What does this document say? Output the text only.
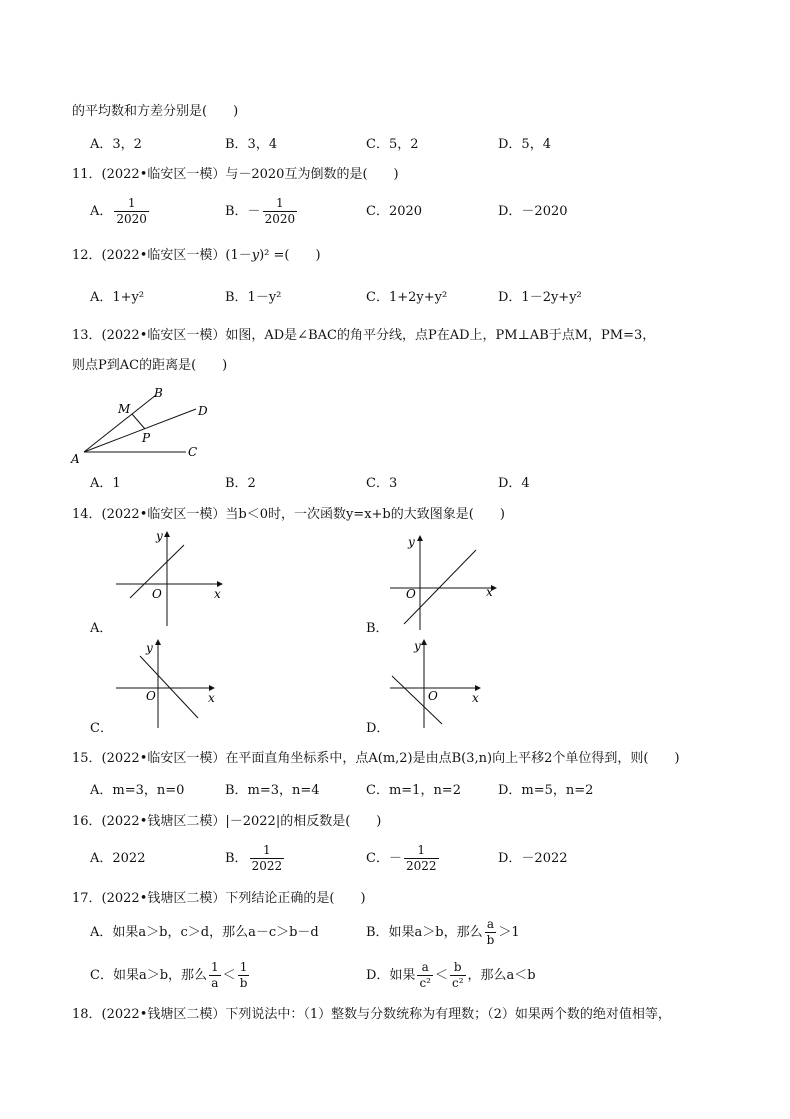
的平均数和方差分别是(　　)
A．3，2	B．3，4	C．5，2	D．5，4
11．(2022•临安区一模）与－2020互为倒数的是(　　)
A． $\frac{1}{2020}$	B．－ $\frac{1}{2020}$	C．2020	D．－2020
12．(2022•临安区一模）(1－y)² =(　　)
A．1+y²	B．1－y²	C．1+2y+y²	D．1－2y+y²
13．(2022•临安区一模）如图，AD是∠BAC的角平分线，点P在AD上，PM⊥AB于点M，PM=3，
则点P到AC的距离是(　　)
A
B
C
D
M
P
A．1	B．2	C．3	D．4
14．(2022•临安区一模）当b＜0时，一次函数y=x+b的大致图象是(　　)
y
x
O
A．
y
x
O
B．
y
x
O
C．
y
x
O
D．
15．(2022•临安区一模）在平面直角坐标系中，点A(m,2)是由点B(3,n)向上平移2个单位得到，则(　　)
A．m=3，n=0	B．m=3，n=4	C．m=1，n=2	D．m=5，n=2
16．(2022•钱塘区二模）|－2022|的相反数是(　　)
A．2022	B． $\frac{1}{2022}$	C．－ $\frac{1}{2022}$	D．－2022
17．(2022•钱塘区二模）下列结论正确的是(　　)
A．如果a＞b，c＞d，那么a－c＞b－d	B．如果a＞b，那么 $\frac{a}{b} >1$
C．如果a＞b，那么 $\frac{1}{a} < \frac{1}{b}$	D．如果 $\frac{a}{\text{c²}} < \frac{b}{\text{c²}}$ ，那么a＜b
18．(2022•钱塘区二模）下列说法中：（1）整数与分数统称为有理数；（2）如果两个数的绝对值相等，
